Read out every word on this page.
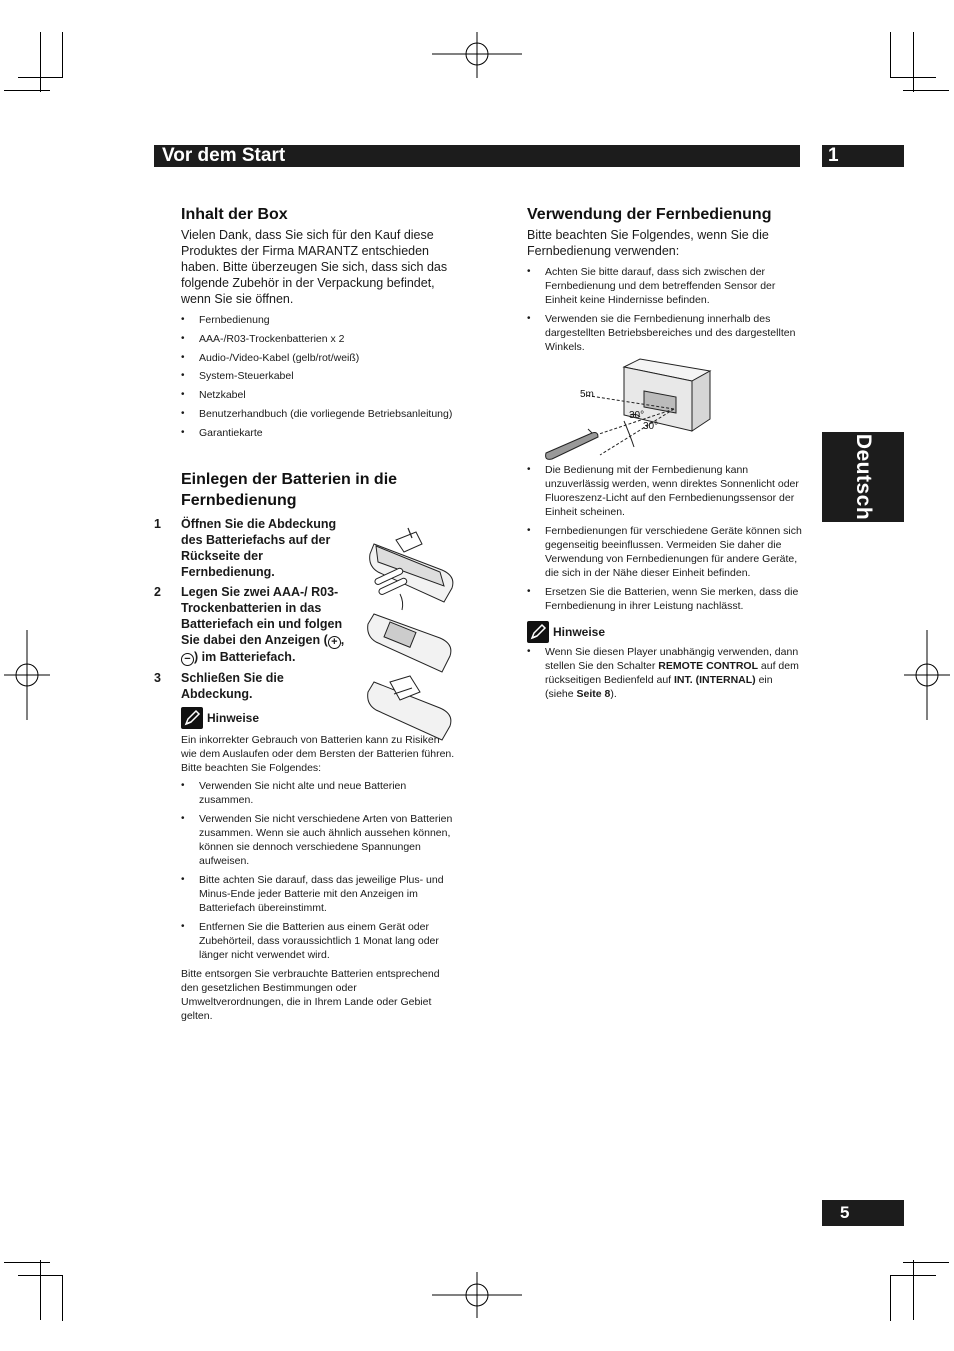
Vor dem Start	1
Deutsch
Inhalt der Box

Vielen Dank, dass Sie sich für den Kauf diese Produktes der Firma MARANTZ entschieden haben. Bitte überzeugen Sie sich, dass sich das folgende Zubehör in der Verpackung befindet, wenn Sie sie öffnen.

• Fernbedienung
• AAA-/R03-Trockenbatterien x 2
• Audio-/Video-Kabel (gelb/rot/weiß)
• System-Steuerkabel
• Netzkabel
• Benutzerhandbuch (die vorliegende Betriebsanleitung)
• Garantiekarte
Einlegen der Batterien in die
Fernbedienung
1 Öffnen Sie die Abdeckung des Batteriefachs auf der Rückseite der Fernbedienung.
2 Legen Sie zwei AAA-/ R03-Trockenbatterien in das Batteriefach ein und folgen Sie dabei den Anzeigen ( + , − ) im Batteriefach.
3 Schließen Sie die Abdeckung.
Hinweise
Ein inkorrekter Gebrauch von Batterien kann zu Risiken wie dem Auslaufen oder dem Bersten der Batterien führen. Bitte beachten Sie Folgendes:
• Verwenden Sie nicht alte und neue Batterien zusammen.
• Verwenden Sie nicht verschiedene Arten von Batterien zusammen. Wenn sie auch ähnlich aussehen können, können sie dennoch verschiedene Spannungen aufweisen.
• Bitte achten Sie darauf, dass das jeweilige Plus- und Minus-Ende jeder Batterie mit den Anzeigen im Batteriefach übereinstimmt.
• Entfernen Sie die Batterien aus einem Gerät oder Zubehörteil, dass voraussichtlich 1 Monat lang oder länger nicht verwendet wird.
Bitte entsorgen Sie verbrauchte Batterien entsprechend den gesetzlichen Bestimmungen oder Umweltverordnungen, die in Ihrem Lande oder Gebiet gelten.
Verwendung der Fernbedienung

Bitte beachten Sie Folgendes, wenn Sie die Fernbedienung verwenden:

• Achten Sie bitte darauf, dass sich zwischen der Fernbedienung und dem betreffenden Sensor der Einheit keine Hindernisse befinden.
• Verwenden sie die Fernbedienung innerhalb des dargestellten Betriebsbereiches und des dargestellten Winkels.
5m
30°
30°
• Die Bedienung mit der Fernbedienung kann unzuverlässig werden, wenn direktes Sonnenlicht oder Fluoreszenz-Licht auf den Fernbedienungssensor der Einheit scheinen.
• Fernbedienungen für verschiedene Geräte können sich gegenseitig beeinflussen. Vermeiden Sie daher die Verwendung von Fernbedienungen für andere Geräte, die sich in der Nähe dieser Einheit befinden.
• Ersetzen Sie die Batterien, wenn Sie merken, dass die Fernbedienung in ihrer Leistung nachlässt.
Hinweise
• Wenn Sie diesen Player unabhängig verwenden, dann stellen Sie den Schalter REMOTE CONTROL auf dem rückseitigen Bedienfeld auf INT. (INTERNAL) ein (siehe Seite 8).
5
